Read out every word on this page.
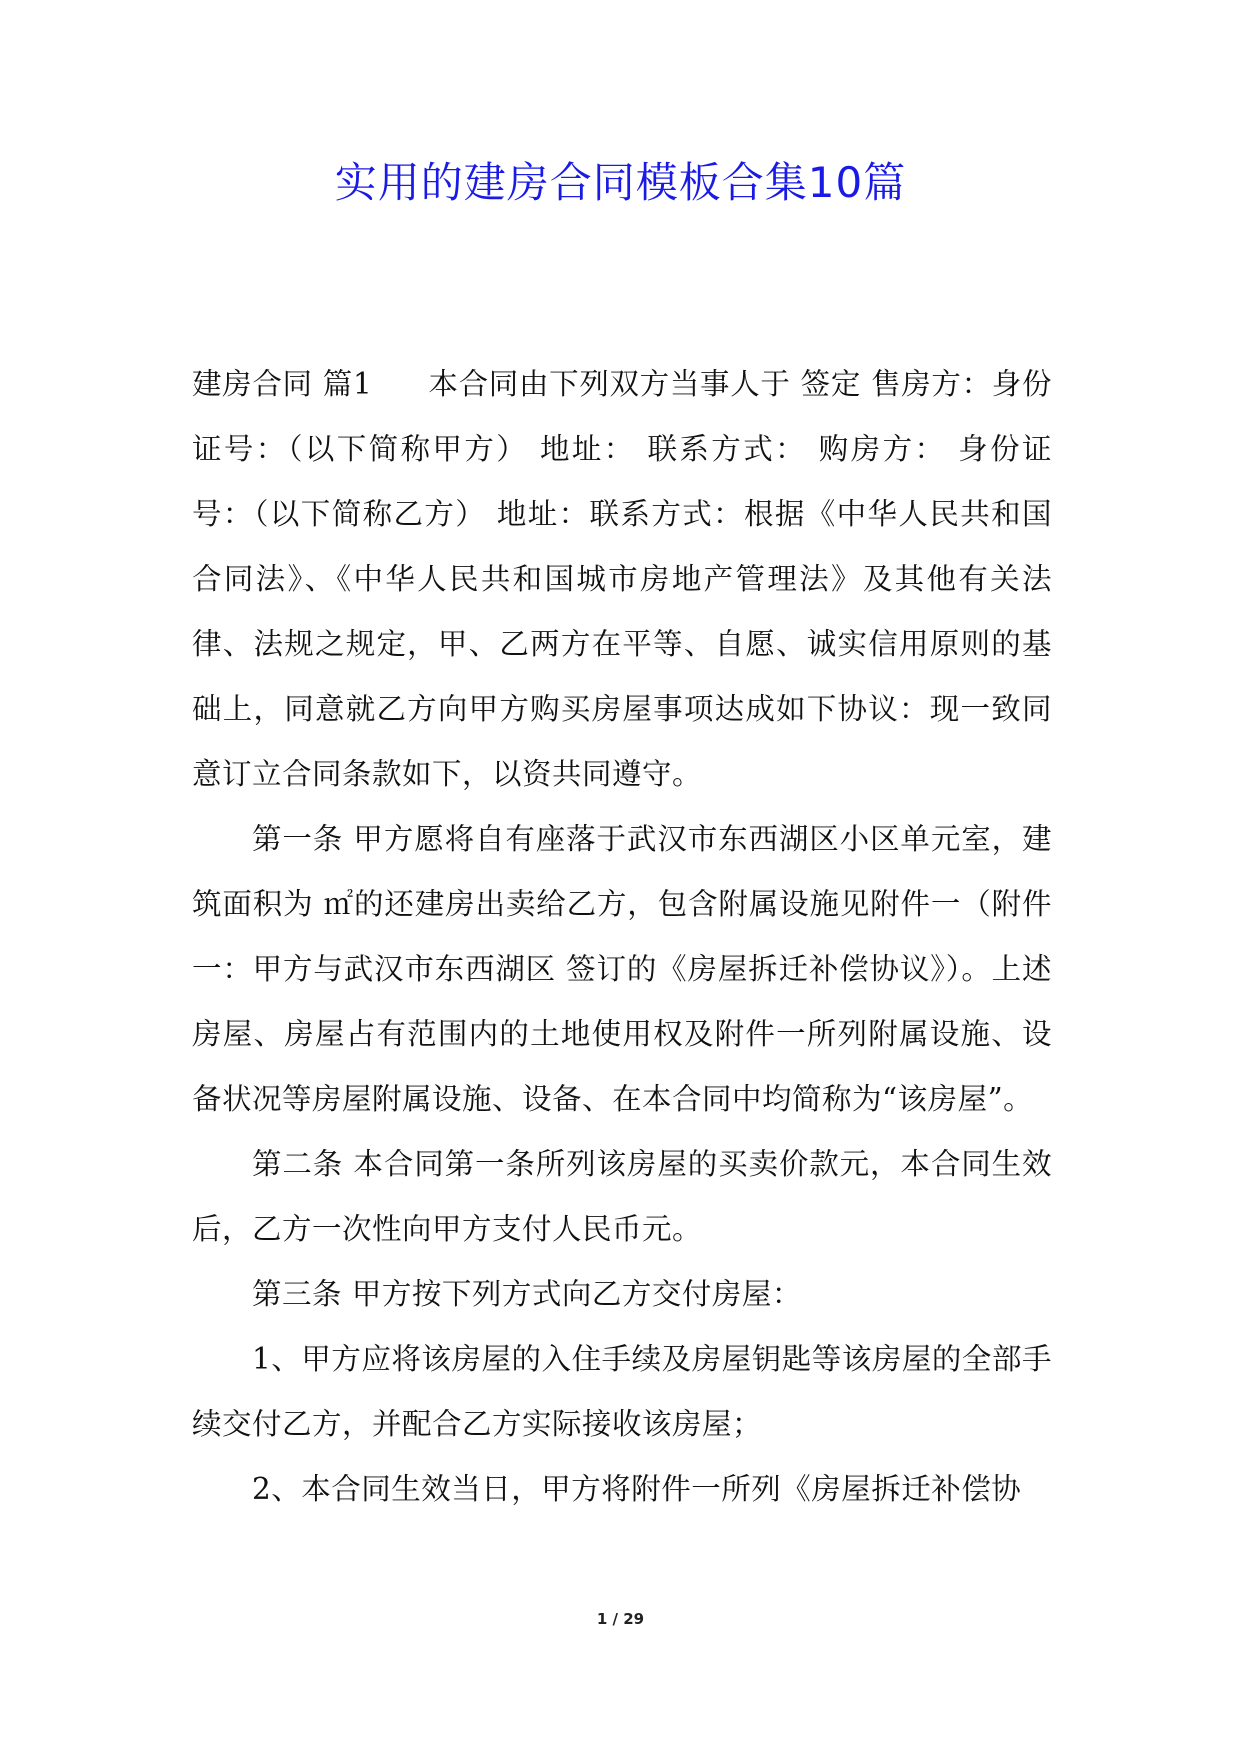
实用的建房合同模板合集10篇

建房合同 篇1 本合同由下列双方当事人于 签定 售房方：身份证号：（以下简称甲方） 地址： 联系方式： 购房方： 身份证号：（以下简称乙方） 地址：联系方式：根据《中华人民共和国合同法》、《中华人民共和国城市房地产管理法》及其他有关法律、法规之规定，甲、乙两方在平等、自愿、诚实信用原则的基础上，同意就乙方向甲方购买房屋事项达成如下协议：现一致同意订立合同条款如下，以资共同遵守。

第一条 甲方愿将自有座落于武汉市东西湖区小区单元室，建筑面积为 ㎡的还建房出卖给乙方，包含附属设施见附件一（附件一：甲方与武汉市东西湖区 签订的《房屋拆迁补偿协议》）。上述房屋、房屋占有范围内的土地使用权及附件一所列附属设施、设备状况等房屋附属设施、设备、在本合同中均简称为“该房屋”。

第二条 本合同第一条所列该房屋的买卖价款元，本合同生效后，乙方一次性向甲方支付人民币元。

第三条 甲方按下列方式向乙方交付房屋：

1、甲方应将该房屋的入住手续及房屋钥匙等该房屋的全部手续交付乙方，并配合乙方实际接收该房屋；

2、本合同生效当日，甲方将附件一所列《房屋拆迁补偿协

1 / 29
